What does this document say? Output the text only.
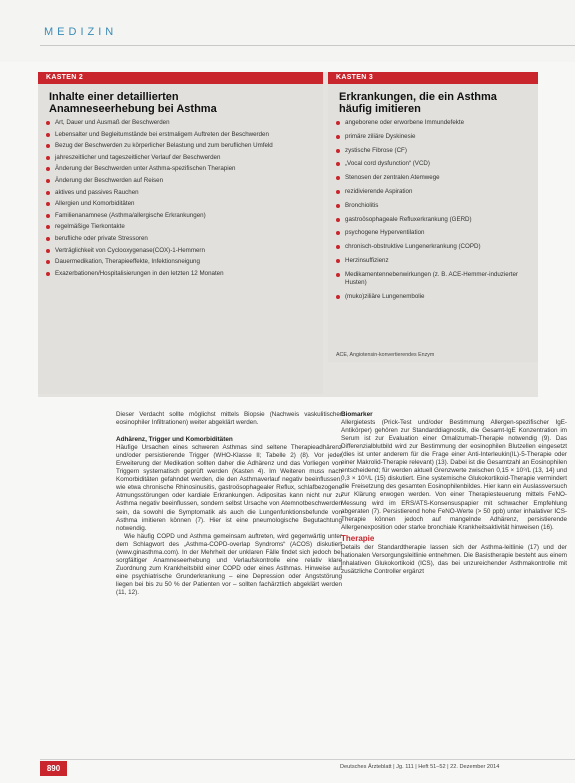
MEDIZIN
KASTEN 2
Inhalte einer detaillierten
Anamneseerhebung bei Asthma
Art, Dauer und Ausmaß der Beschwerden
Lebensalter und Begleitumstände bei erstmaligem Auftreten der Beschwerden
Bezug der Beschwerden zu körperlicher Belastung und zum beruflichen Umfeld
jahreszeitlicher und tageszeitlicher Verlauf der Beschwerden
Änderung der Beschwerden unter Asthma-spezifischen Therapien
Änderung der Beschwerden auf Reisen
aktives und passives Rauchen
Allergien und Komorbiditäten
Familienanamnese (Asthma/allergische Erkrankungen)
regelmäßige Tierkontakte
berufliche oder private Stressoren
Verträglichkeit von Cyclooxygenase(COX)-1-Hemmern
Dauermedikation, Therapieeffekte, Infektionsneigung
Exazerbationen/Hospitalisierungen in den letzten 12 Monaten
KASTEN 3
Erkrankungen, die ein Asthma
häufig imitieren
angeborene oder erworbene Immundefekte
primäre ziliäre Dyskinesie
zystische Fibrose (CF)
„Vocal cord dysfunction“ (VCD)
Stenosen der zentralen Atemwege
rezidivierende Aspiration
Bronchiolitis
gastroösophageale Refluxerkrankung (GERD)
psychogene Hyperventilation
chronisch-obstruktive Lungenerkrankung (COPD)
Herzinsuffizienz
Medikamentennebenwirkungen (z. B. ACE-Hemmer-induzierter Husten)
(muko)ziliäre Lungenembolie
ACE, Angiotensin-konvertierendes Enzym

Dieser Verdacht sollte möglichst mittels Biopsie (Nachweis vaskulitischer eosinophiler Infiltrationen) weiter abgeklärt werden.

Adhärenz, Trigger und Komorbiditäten

Häufige Ursachen eines schweren Asthmas sind seltene Therapieadhärenz und/oder persistierende Trigger (WHO-Klasse II; Tabelle 2) (8). Vor jeder Erweiterung der Medikation sollten daher die Adhärenz und das Vorliegen von Triggern systematisch geprüft werden (Kasten 4). Im Weiteren muss nach Komorbiditäten gefahndet werden, die den Asthmaverlauf negativ beeinflussen, wie etwa chronische Rhinosinusitis, gastroösophagealer Reflux, schlafbezogene Atmungsstörungen oder kardiale Erkrankungen. Adipositas kann nicht nur zu Asthma negativ beeinflussen, sondern selbst Ursache von Atemnotbeschwerden sein, da sowohl die Symptomatik als auch die Lungenfunktionsbefunde von Asthma imitieren können (7). Hier ist eine pneumologische Begutachtung notwendig.

Wie häufig COPD und Asthma gemeinsam auftreten, wird gegenwärtig unter dem Schlagwort des „Asthma-COPD-overlap Syndroms“ (ACOS) diskutiert (www.ginasthma.com). In der Mehrheit der unklaren Fälle findet sich jedoch bei sorgfältiger Anamneseerhebung und Verlaufskontrolle eine relativ klare Zuordnung zum Krankheitsbild einer COPD oder eines Asthmas. Hinweise auf eine psychiatrische Grunderkrankung – eine Depression oder Angststörung liegen bei bis zu 50 % der Patienten vor – sollten fachärztlich abgeklärt werden (11, 12).

Biomarker

Allergietests (Prick-Test und/oder Bestimmung Allergen-spezifischer IgE-Antikörper) gehören zur Standarddiagnostik, die Gesamt-IgE Konzentration im Serum ist zur Evaluation einer Omalizumab-Therapie notwendig (9). Das Differenzialblutbild wird zur Bestimmung der eosinophilen Blutzellen eingesetzt (dies ist unter anderem für die Frage einer Anti-Interleukin(IL)-5-Therapie oder einer Makrolid-Therapie relevant) (13). Dabei ist die Gesamtzahl an Eosinophilen entscheidend; für werden aktuell Grenzwerte zwischen 0,15 × 10⁹/L (13, 14) und 0,3 × 10⁹/L (15) diskutiert. Eine systemische Glukokortikoid-Therapie vermindert die Freisetzung des gesamten Eosinophilenbildes. Hier kann ein Auslassversuch zur Klärung erwogen werden. Von einer Therapiesteuerung mittels FeNO-Messung wird im ERS/ATS-Konsensuspapier mit schwacher Empfehlung abgeraten (7). Persistierend hohe FeNO-Werte (> 50 ppb) unter inhalativer ICS-Therapie können jedoch auf mangelnde Adhärenz, persistierende Allergenexposition oder starke bronchiale Krankheitsaktivität hinweisen (16).

Therapie

Details der Standardtherapie lassen sich der Asthma-leitlinie (17) und der nationalen Versorgungsleitlinie entnehmen. Die Basistherapie besteht aus einem inhalativen Glukokortikoid (ICS), das bei unzureichender Asthmakontrolle mit zusätzliche Controller ergänzt

890	Deutsches Ärzteblatt | Jg. 111 | Heft 51–52 | 22. Dezember 2014
